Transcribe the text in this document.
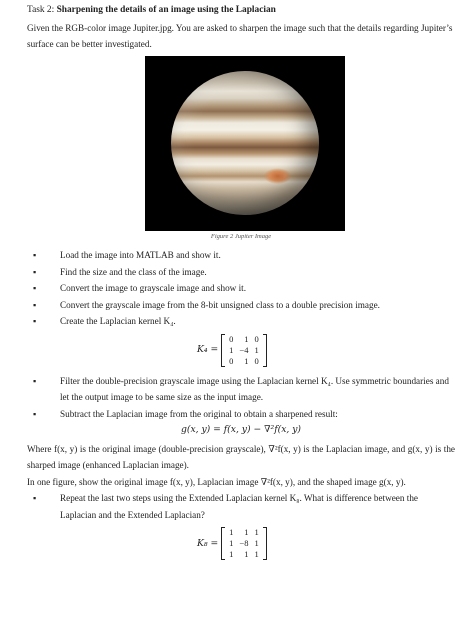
Task 2: Sharpening the details of an image using the Laplacian

Given the RGB-color image Jupiter.jpg. You are asked to sharpen the image such that the details regarding Jupiter’s surface can be better investigated.

Figure 2 Jupiter Image
▪	Load the image into MATLAB and show it.
▪	Find the size and the class of the image.
▪	Convert the image to grayscale image and show it.
▪	Convert the grayscale image from the 8-bit unsigned class to a double precision image.
▪	Create the Laplacian kernel K₄.
K₄ =
0	1	0
1	−4	1
0	1	0
▪	Filter the double-precision grayscale image using the Laplacian kernel K₄. Use symmetric boundaries and let the output image to be same size as the input image.
▪	Subtract the Laplacian image from the original to obtain a sharpened result:
g(x, y) = f(x, y) − ∇²f(x, y)

Where f(x, y) is the original image (double-precision grayscale), ∇²f(x, y) is the Laplacian image, and g(x, y) is the sharped image (enhanced Laplacian image).

In one figure, show the original image f(x, y), Laplacian image ∇²f(x, y), and the shaped image g(x, y).

▪	Repeat the last two steps using the Extended Laplacian kernel K₈. What is difference between the Laplacian and the Extended Laplacian?
K₈ =
1	1	1
1	−8	1
1	1	1
